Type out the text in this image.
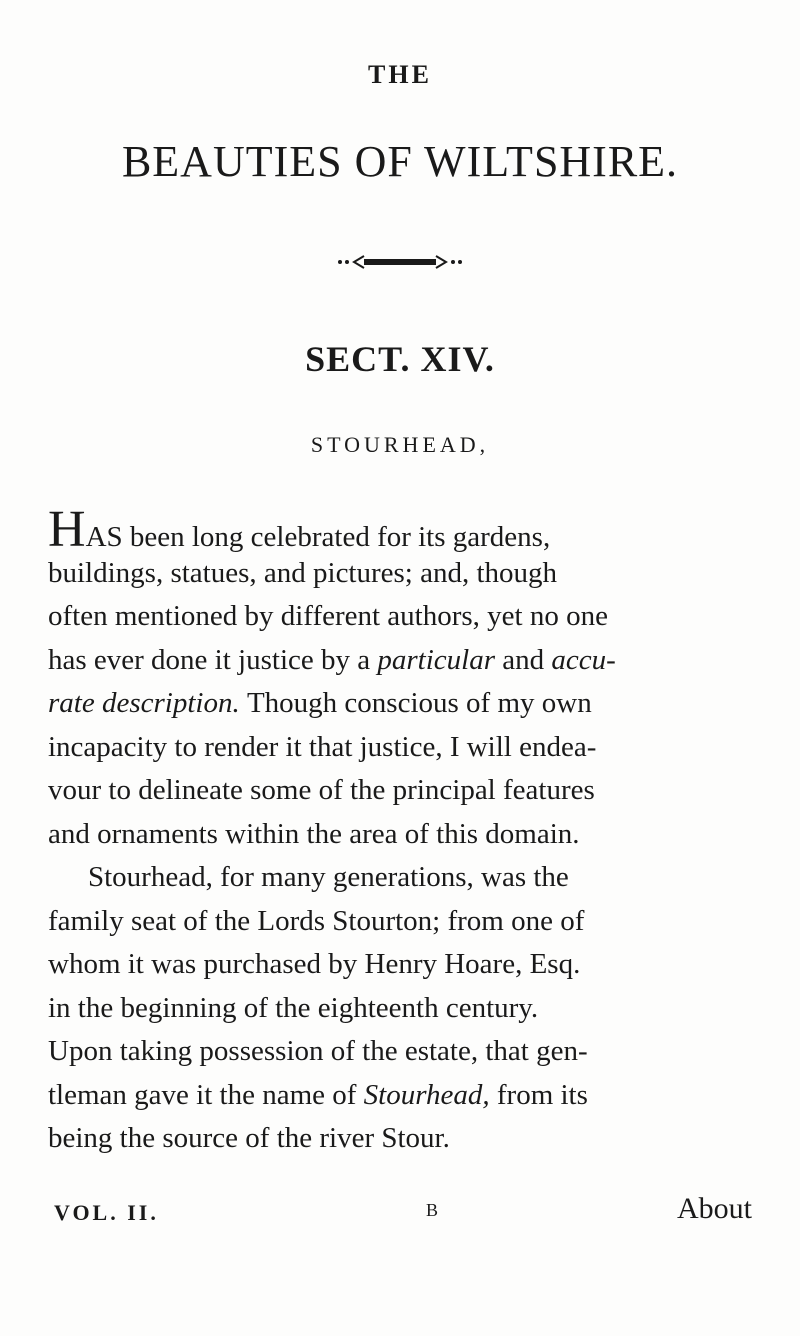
THE
BEAUTIES OF WILTSHIRE.
SECT. XIV.
STOURHEAD,
HAS been long celebrated for its gardens,
buildings, statues, and pictures; and, though
often mentioned by different authors, yet no one
has ever done it justice by a particular and accu-
rate description. Though conscious of my own
incapacity to render it that justice, I will endea-
vour to delineate some of the principal features
and ornaments within the area of this domain.
Stourhead, for many generations, was the
family seat of the Lords Stourton; from one of
whom it was purchased by Henry Hoare, Esq.
in the beginning of the eighteenth century.
Upon taking possession of the estate, that gen-
tleman gave it the name of Stourhead, from its
being the source of the river Stour.
VOL. II.	B	About
